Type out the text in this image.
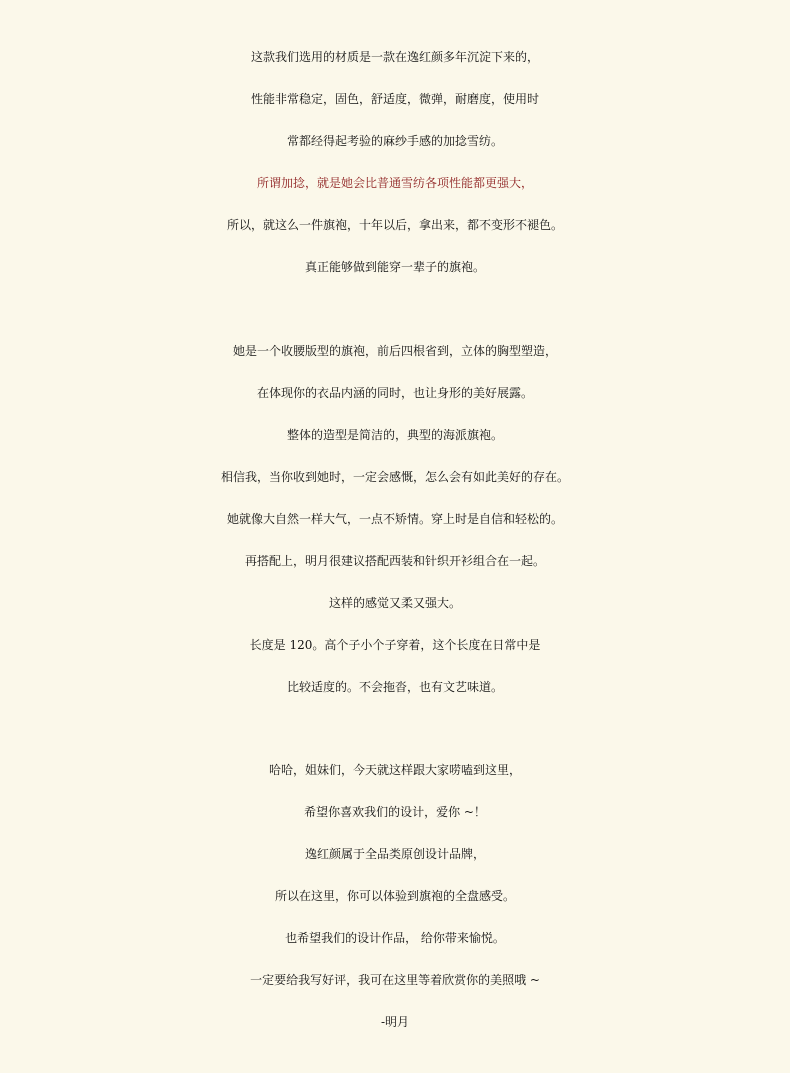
这款我们选用的材质是一款在逸红颜多年沉淀下来的，
性能非常稳定，固色，舒适度，微弹，耐磨度，使用时
常都经得起考验的麻纱手感的加捻雪纺。
所谓加捻，就是她会比普通雪纺各项性能都更强大，
所以，就这么一件旗袍，十年以后，拿出来，都不变形不褪色。
真正能够做到能穿一辈子的旗袍。
她是一个收腰版型的旗袍，前后四根省到，立体的胸型塑造，
在体现你的衣品内涵的同时，也让身形的美好展露。
整体的造型是简洁的，典型的海派旗袍。
相信我，当你收到她时，一定会感慨，怎么会有如此美好的存在。
她就像大自然一样大气，一点不矫情。穿上时是自信和轻松的。
再搭配上，明月很建议搭配西装和针织开衫组合在一起。
这样的感觉又柔又强大。
长度是 120。高个子小个子穿着，这个长度在日常中是
比较适度的。不会拖沓，也有文艺味道。
哈哈，姐妹们，今天就这样跟大家唠嗑到这里，
希望你喜欢我们的设计，爱你 ~！
逸红颜属于全品类原创设计品牌，
所以在这里，你可以体验到旗袍的全盘感受。
也希望我们的设计作品， 给你带来愉悦。
一定要给我写好评，我可在这里等着欣赏你的美照哦 ~
-明月
